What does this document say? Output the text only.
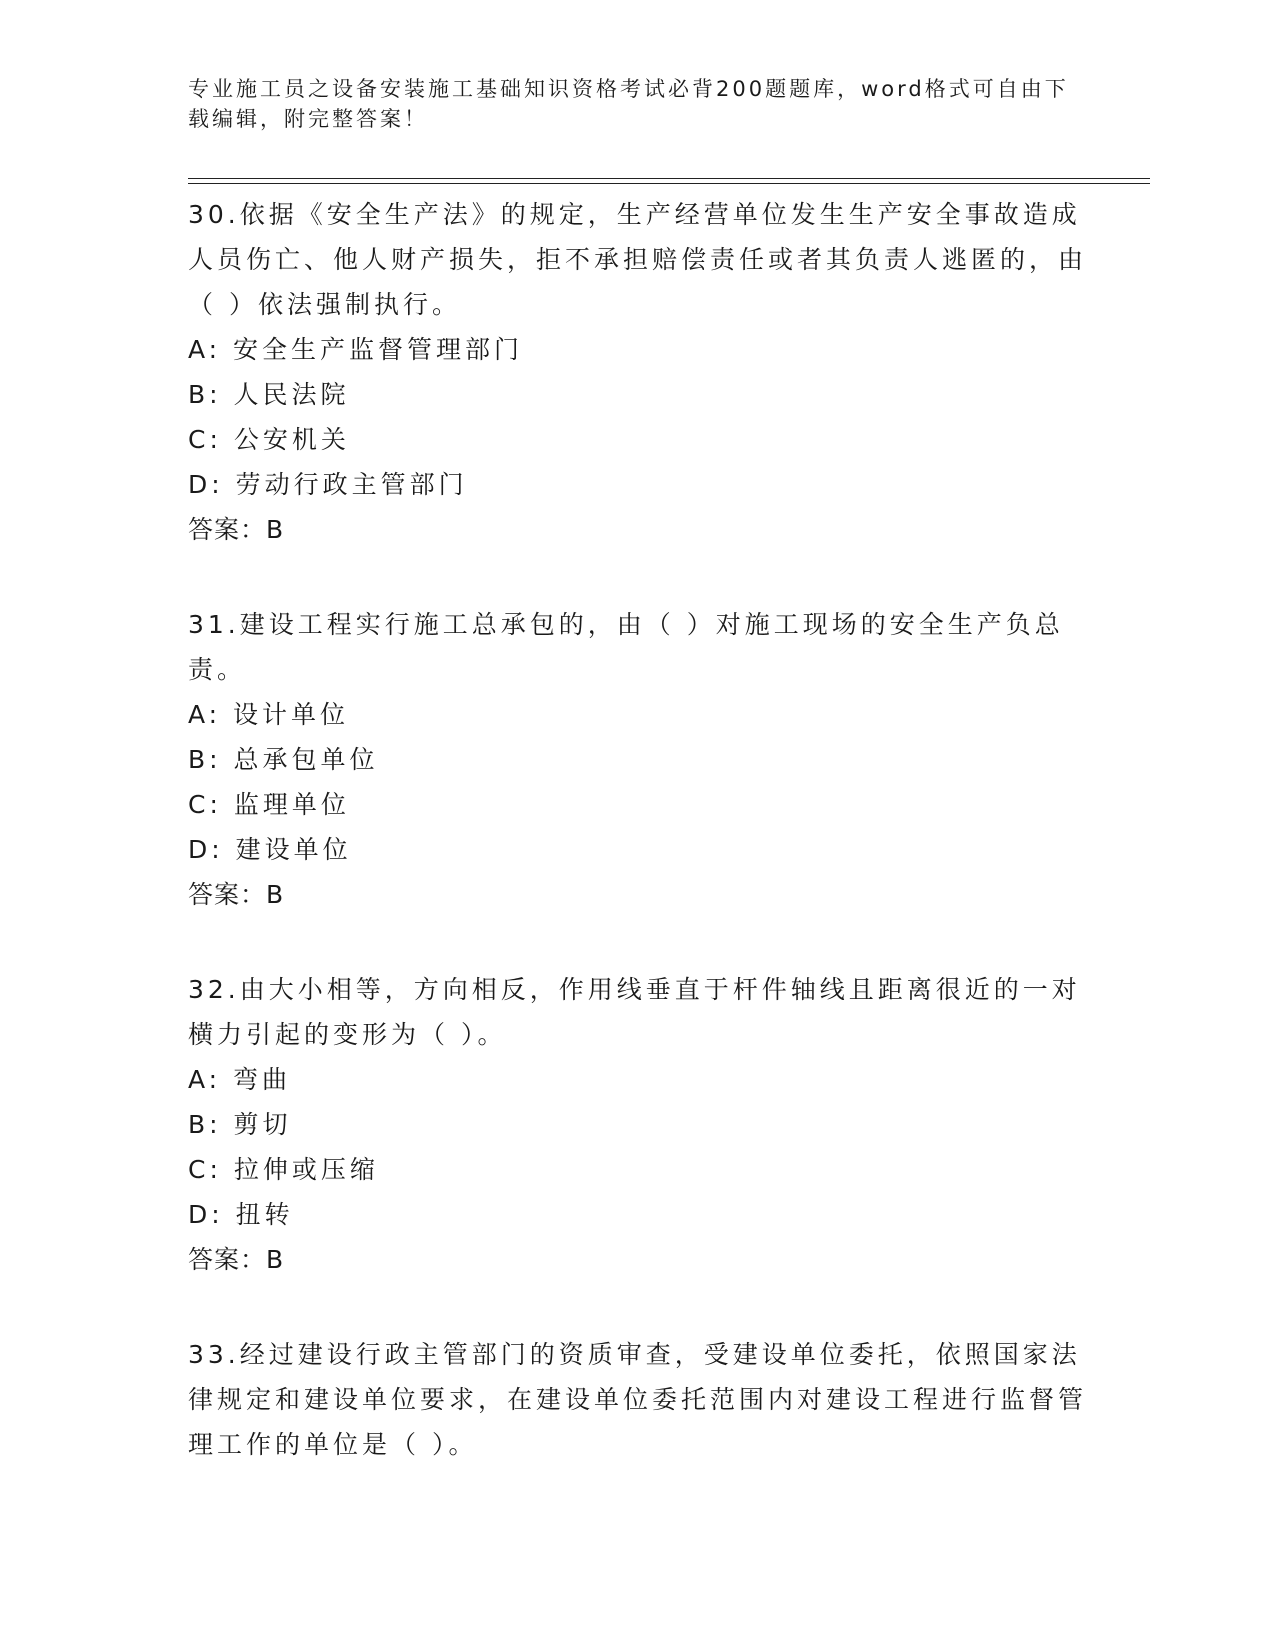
专业施工员之设备安装施工基础知识资格考试必背200题题库，word格式可自由下载编辑，附完整答案！

30.依据《安全生产法》的规定，生产经营单位发生生产安全事故造成人员伤亡、他人财产损失，拒不承担赔偿责任或者其负责人逃匿的，由（ ）依法强制执行。

A: 安全生产监督管理部门

B: 人民法院

C: 公安机关

D: 劳动行政主管部门

答案：B

31.建设工程实行施工总承包的，由（ ）对施工现场的安全生产负总责。

A: 设计单位

B: 总承包单位

C: 监理单位

D: 建设单位

答案：B

32.由大小相等，方向相反，作用线垂直于杆件轴线且距离很近的一对横力引起的变形为（ ）。

A: 弯曲

B: 剪切

C: 拉伸或压缩

D: 扭转

答案：B

33.经过建设行政主管部门的资质审查，受建设单位委托，依照国家法律规定和建设单位要求，在建设单位委托范围内对建设工程进行监督管理工作的单位是（ ）。
